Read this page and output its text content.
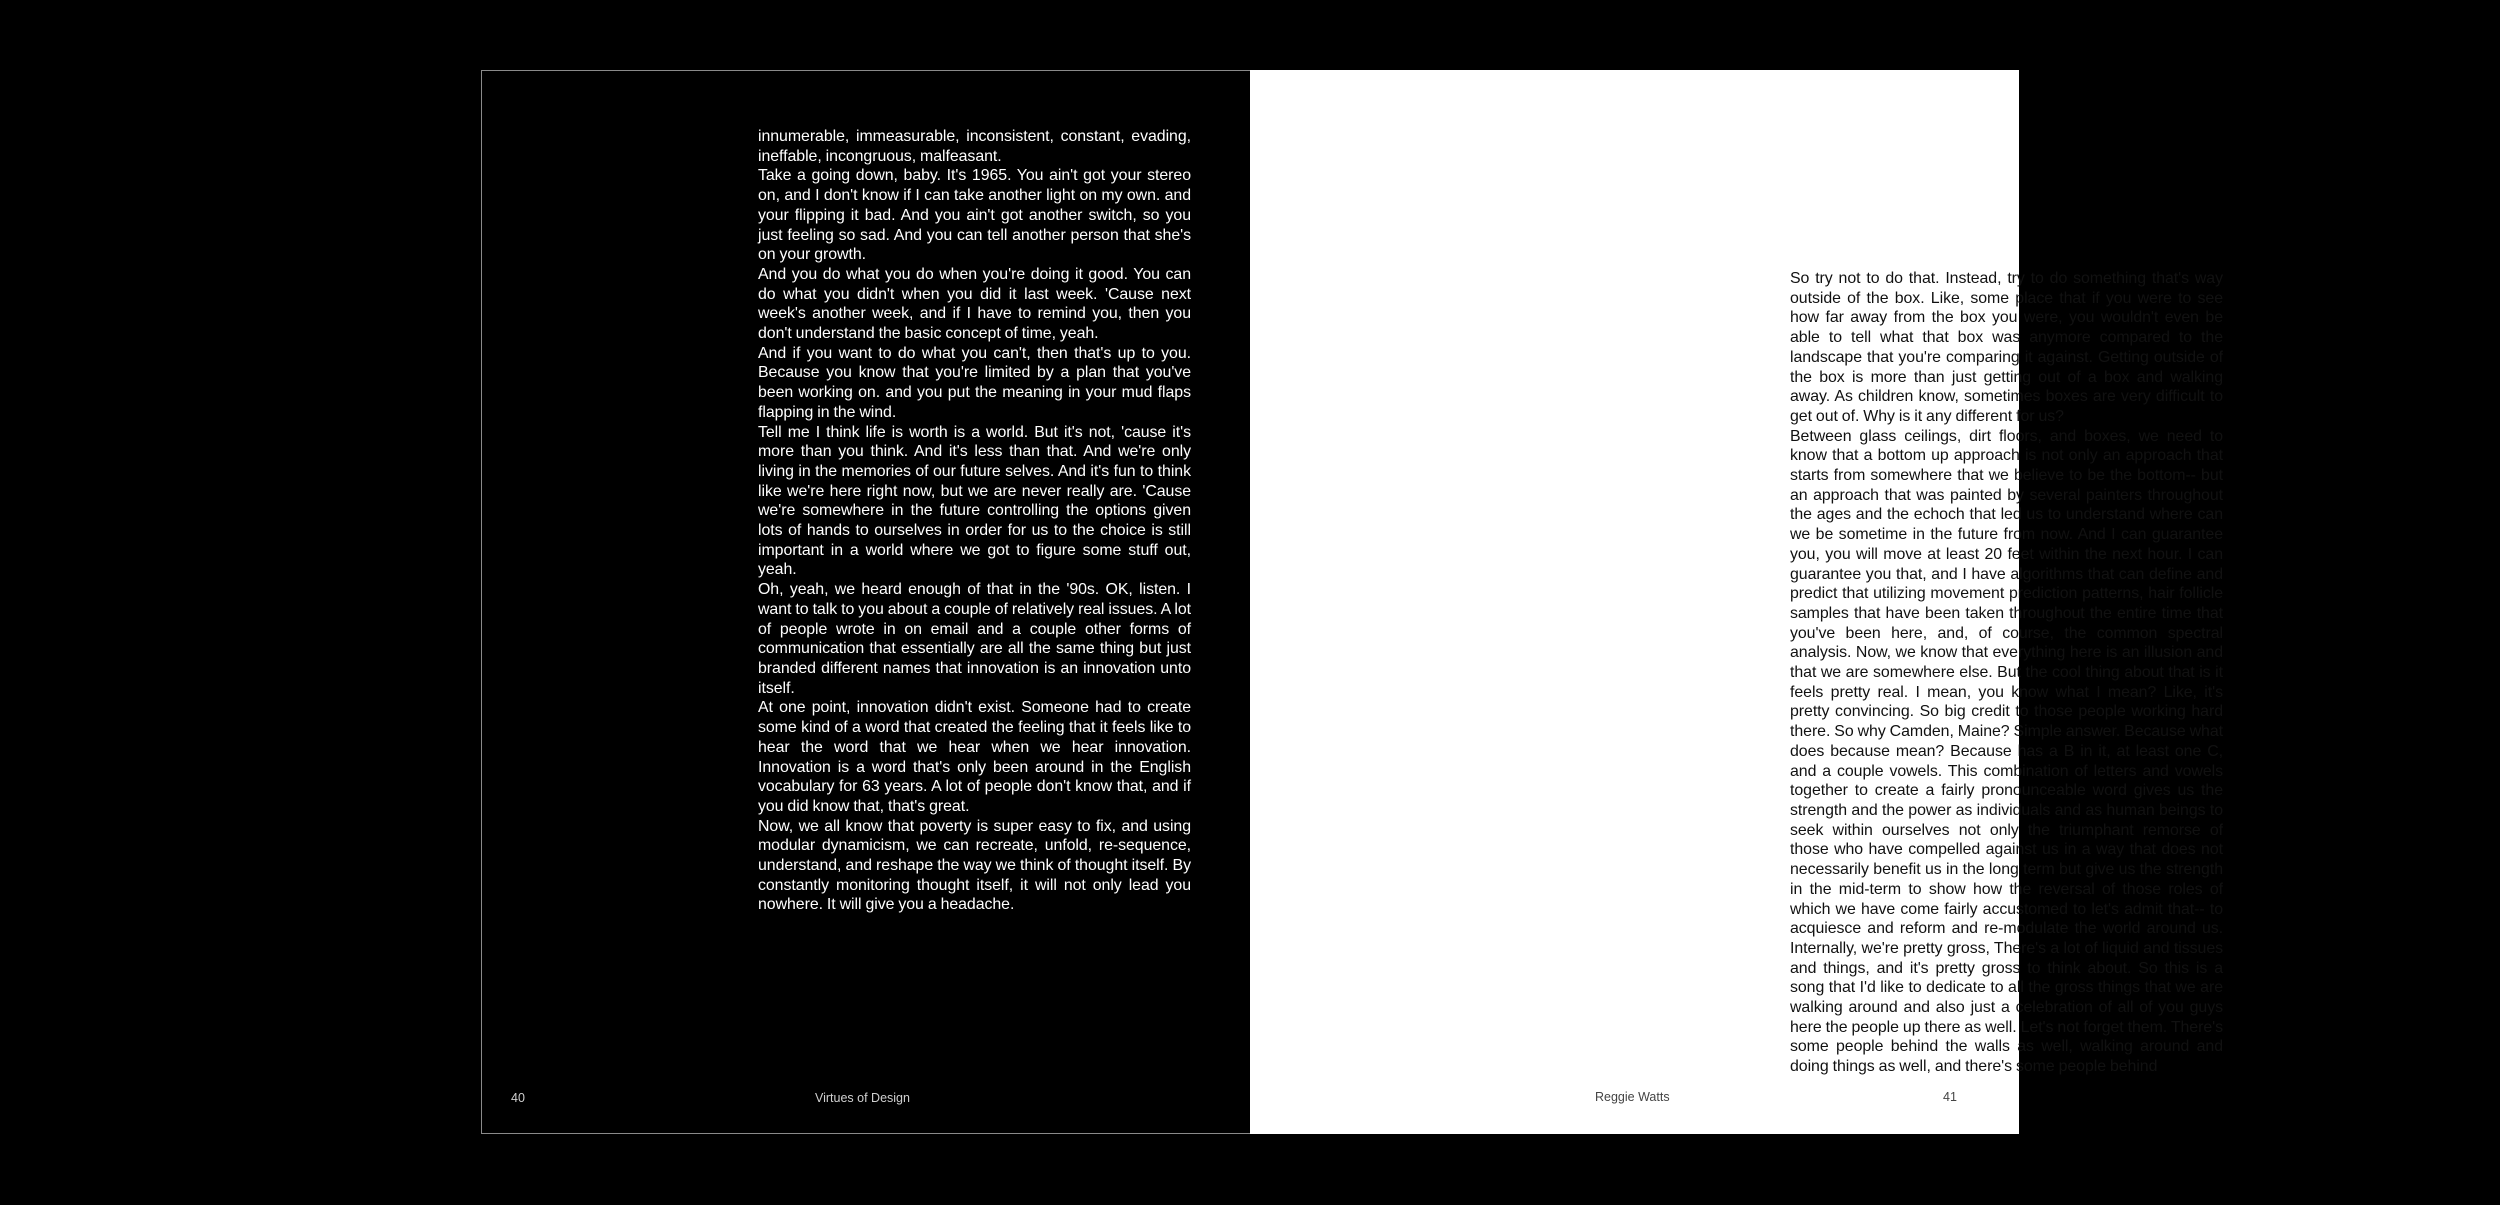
innumerable, immeasurable, inconsistent, constant, evading, ineffable, incongruous, malfeasant.

Take a going down, baby. It's 1965. You ain't got your stereo on, and I don't know if I can take another light on my own. and your flipping it bad. And you ain't got another switch, so you just feeling so sad. And you can tell another person that she's on your growth.

And you do what you do when you're doing it good. You can do what you didn't when you did it last week. 'Cause next week's another week, and if I have to remind you, then you don't understand the basic concept of time, yeah.

And if you want to do what you can't, then that's up to you. Because you know that you're limited by a plan that you've been working on. and you put the meaning in your mud flaps flapping in the wind.

Tell me I think life is worth is a world. But it's not, 'cause it's more than you think. And it's less than that. And we're only living in the memories of our future selves. And it's fun to think like we're here right now, but we are never really are. 'Cause we're somewhere in the future controlling the options given lots of hands to ourselves in order for us to the choice is still important in a world where we got to figure some stuff out, yeah.

Oh, yeah, we heard enough of that in the '90s. OK, listen. I want to talk to you about a couple of relatively real issues. A lot of people wrote in on email and a couple other forms of communication that essentially are all the same thing but just branded different names that innovation is an innovation unto itself.

At one point, innovation didn't exist. Someone had to create some kind of a word that created the feeling that it feels like to hear the word that we hear when we hear innovation. Innovation is a word that's only been around in the English vocabulary for 63 years. A lot of people don't know that, and if you did know that, that's great.

Now, we all know that poverty is super easy to fix, and using modular dynamicism, we can recreate, unfold, re-sequence, understand, and reshape the way we think of thought itself. By constantly monitoring thought itself, it will not only lead you nowhere. It will give you a headache.

40	Virtues of Design

So try not to do that. Instead, try to do something that's way outside of the box. Like, some place that if you were to see how far away from the box you were, you wouldn't even be able to tell what that box was anymore compared to the landscape that you're comparing it against. Getting outside of the box is more than just getting out of a box and walking away. As children know, sometimes boxes are very difficult to get out of. Why is it any different for us?

Between glass ceilings, dirt floors, and boxes, we need to know that a bottom up approach is not only an approach that starts from somewhere that we believe to be the bottom-- but an approach that was painted by several painters throughout the ages and the echoch that led us to understand where can we be sometime in the future from now. And I can guarantee you, you will move at least 20 feet within the next hour. I can guarantee you that, and I have algorithms that can define and predict that utilizing movement prediction patterns, hair follicle samples that have been taken throughout the entire time that you've been here, and, of course, the common spectral analysis. Now, we know that everything here is an illusion and that we are somewhere else. But the cool thing about that is it feels pretty real. I mean, you know what I mean? Like, it's pretty convincing. So big credit to those people working hard there. So why Camden, Maine? Simple answer. Because what does because mean? Because has a B in it, at least one C, and a couple vowels. This combination of letters and vowels together to create a fairly pronounceable word gives us the strength and the power as individuals and as human beings to seek within ourselves not only the triumphant remorse of those who have compelled against us in a way that does not necessarily benefit us in the long term but give us the strength in the mid-term to show how the reversal of those roles of which we have come fairly accustomed to let's admit that-- to acquiesce and reform and re-modulate the world around us. Internally, we're pretty gross, There's a lot of liquid and tissues and things, and it's pretty gross to think about. So this is a song that I'd like to dedicate to all the gross things that we are walking around and also just a celebration of all of you guys here the people up there as well. Let's not forget them. There's some people behind the walls as well, walking around and doing things as well, and there's some people behind

Reggie Watts	41
